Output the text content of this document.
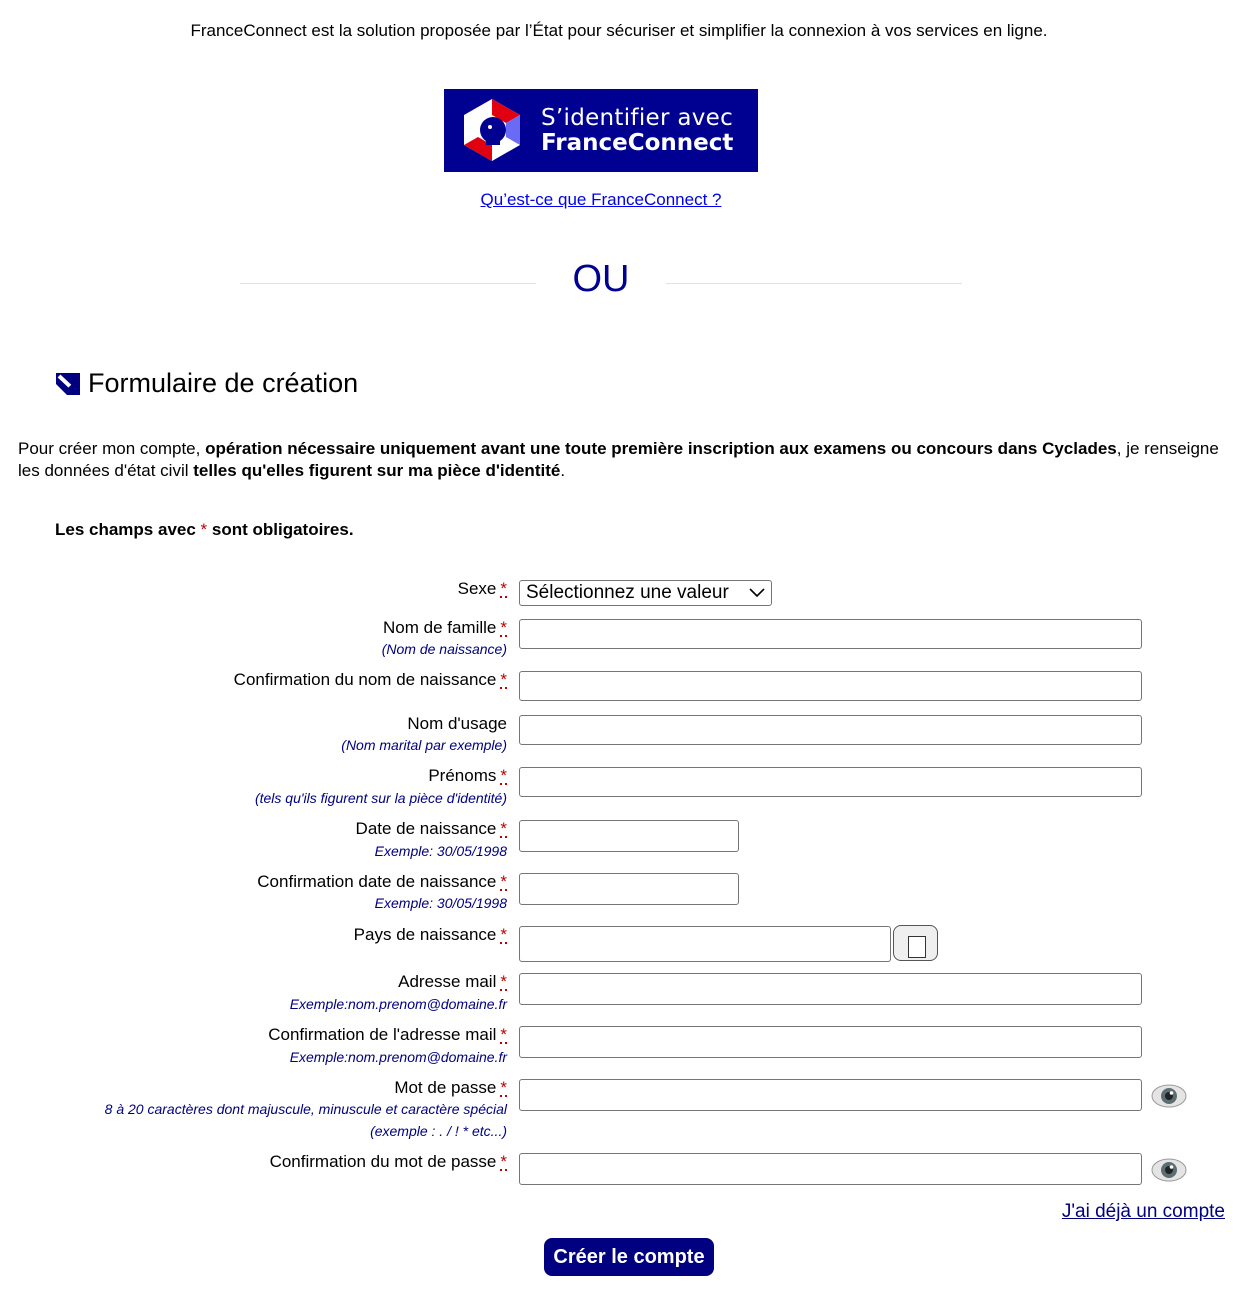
FranceConnect est la solution proposée par l’État pour sécuriser et simplifier la connexion à vos services en ligne.
S’identifier avec
FranceConnect
Qu’est-ce que FranceConnect ?
OU
Formulaire de création
Pour créer mon compte, opération nécessaire uniquement avant une toute première inscription aux examens ou concours dans Cyclades, je renseigne les données d'état civil telles qu'elles figurent sur ma pièce d'identité.
Les champs avec * sont obligatoires.
Sexe * Sélectionnez une valeur
Nom de famille *
(Nom de naissance)
Confirmation du nom de naissance *
Nom d'usage
(Nom marital par exemple)
Prénoms *
(tels qu'ils figurent sur la pièce d'identité)
Date de naissance *
Exemple: 30/05/1998
Confirmation date de naissance *
Exemple: 30/05/1998
Pays de naissance *
Adresse mail *
Exemple:nom.prenom@domaine.fr
Confirmation de l'adresse mail *
Exemple:nom.prenom@domaine.fr
Mot de passe *
8 à 20 caractères dont majuscule, minuscule et caractère spécial
(exemple : . / ! * etc...)
Confirmation du mot de passe *
J'ai déjà un compte
Créer le compte
